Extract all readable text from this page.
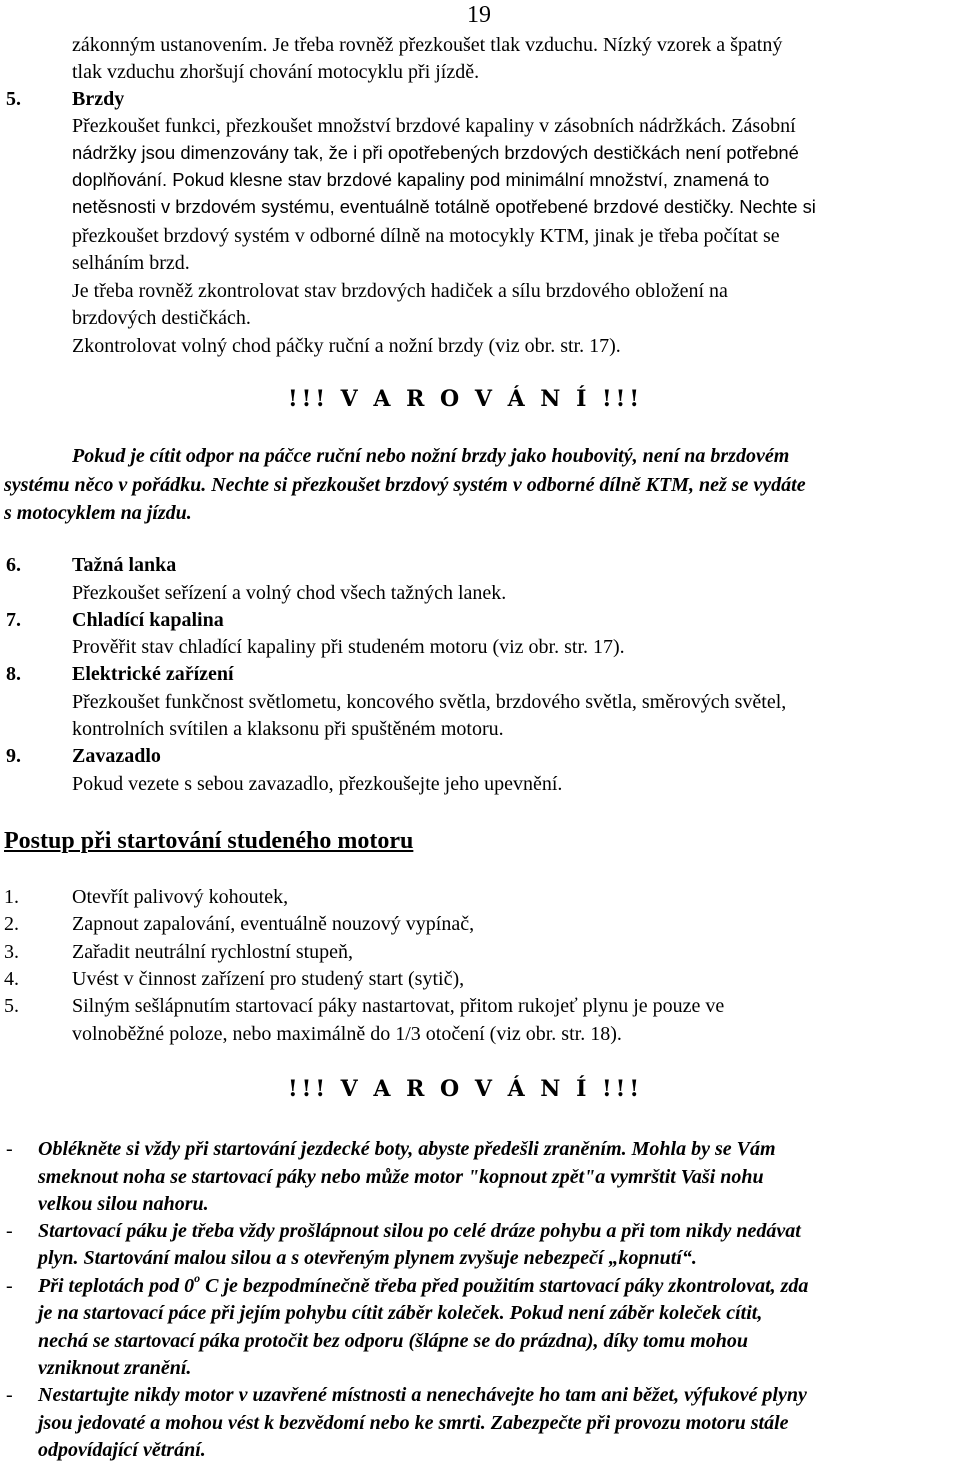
19
zákonným ustanovením. Je třeba rovněž přezkoušet tlak vzduchu. Nízký vzorek a špatný
tlak vzduchu zhoršují chování motocyklu při jízdě.
5.	Brzdy
Přezkoušet funkci, přezkoušet množství brzdové kapaliny v zásobních nádržkách. Zásobní
nádržky jsou dimenzovány tak, že i při opotřebených brzdových destičkách není potřebné
doplňování. Pokud klesne stav brzdové kapaliny pod minimální množství, znamená to
netěsnosti v brzdovém systému, eventuálně totálně opotřebené brzdové destičky. Nechte si
přezkoušet brzdový systém v odborné dílně na motocykly KTM, jinak je třeba počítat se
selháním brzd.
Je třeba rovněž zkontrolovat stav brzdových hadiček a sílu brzdového obložení na
brzdových destičkách.
Zkontrolovat volný chod páčky ruční a nožní brzdy (viz obr. str. 17).
!!! V A R O V Á N Í !!!
Pokud je cítit odpor na páčce ruční nebo nožní brzdy jako houbovitý, není na brzdovém
systému něco v pořádku. Nechte si přezkoušet brzdový systém v odborné dílně KTM, než se vydáte
s motocyklem na jízdu.
6.	Tažná lanka
Přezkoušet seřízení a volný chod všech tažných lanek.
7.	Chladící kapalina
Prověřit stav chladící kapaliny při studeném motoru (viz obr. str. 17).
8.	Elektrické zařízení
Přezkoušet funkčnost světlometu, koncového světla, brzdového světla, směrových světel,
kontrolních svítilen a klaksonu při spuštěném motoru.
9.	Zavazadlo
Pokud vezete s sebou zavazadlo, přezkoušejte jeho upevnění.
Postup při startování studeného motoru
1.	Otevřít palivový kohoutek,
2.	Zapnout zapalování, eventuálně nouzový vypínač,
3.	Zařadit neutrální rychlostní stupeň,
4.	Uvést v činnost zařízení pro studený start (sytič),
5.	Silným sešlápnutím startovací páky nastartovat, přitom rukojeť plynu je pouze ve
volnoběžné poloze, nebo maximálně do 1/3 otočení (viz obr. str. 18).
!!! V A R O V Á N Í !!!
- Oblékněte si vždy při startování jezdecké boty, abyste předešli zraněním. Mohla by se Vám
smeknout noha se startovací páky nebo může motor "kopnout zpět"a vymrštit Vaši nohu
velkou silou nahoru.
- Startovací páku je třeba vždy prošlápnout silou po celé dráze pohybu a při tom nikdy nedávat
plyn. Startování malou silou a s otevřeným plynem zvyšuje nebezpečí „kopnutí“.
- Při teplotách pod 0$^o$ C je bezpodmínečně třeba před použitím startovací páky zkontrolovat, zda
je na startovací páce při jejím pohybu cítit záběr koleček. Pokud není záběr koleček cítit,
nechá se startovací páka protočit bez odporu (šlápne se do prázdna), díky tomu mohou
vzniknout zranění.
- Nestartujte nikdy motor v uzavřené místnosti a nenechávejte ho tam ani běžet, výfukové plyny
jsou jedovaté a mohou vést k bezvědomí nebo ke smrti. Zabezpečte při provozu motoru stále
odpovídající větrání.
